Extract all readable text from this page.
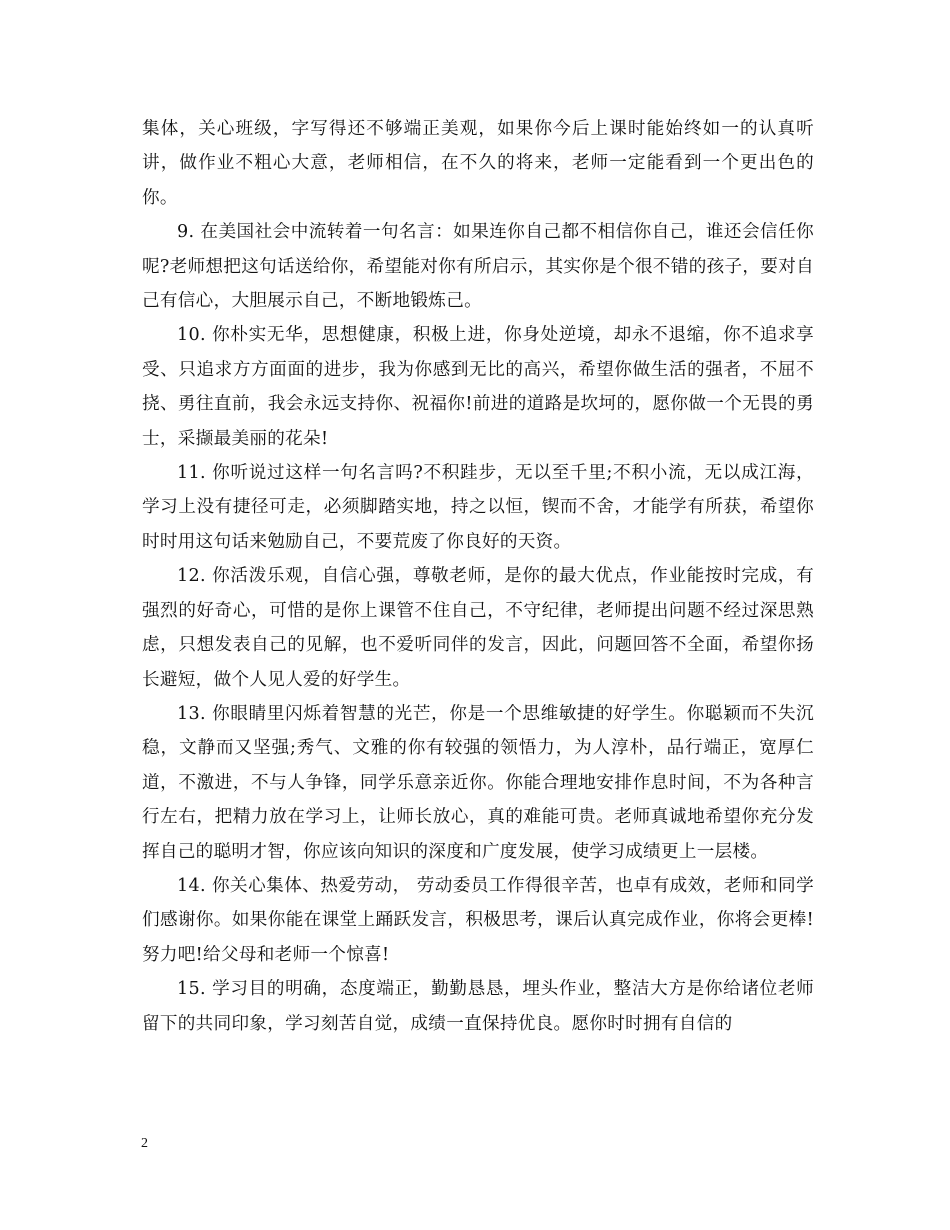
集体，关心班级，字写得还不够端正美观，如果你今后上课时能始终如一的认真听讲，做作业不粗心大意，老师相信，在不久的将来，老师一定能看到一个更出色的你。

9. 在美国社会中流转着一句名言：如果连你自己都不相信你自己，谁还会信任你呢?老师想把这句话送给你，希望能对你有所启示，其实你是个很不错的孩子，要对自己有信心，大胆展示自己，不断地锻炼己。

10. 你朴实无华，思想健康，积极上进，你身处逆境，却永不退缩，你不追求享受、只追求方方面面的进步，我为你感到无比的高兴，希望你做生活的强者，不屈不挠、勇往直前，我会永远支持你、祝福你!前进的道路是坎坷的，愿你做一个无畏的勇士，采撷最美丽的花朵!

11. 你听说过这样一句名言吗?不积跬步，无以至千里;不积小流，无以成江海，学习上没有捷径可走，必须脚踏实地，持之以恒，锲而不舍，才能学有所获，希望你时时用这句话来勉励自己，不要荒废了你良好的天资。

12. 你活泼乐观，自信心强，尊敬老师，是你的最大优点，作业能按时完成，有强烈的好奇心，可惜的是你上课管不住自己，不守纪律，老师提出问题不经过深思熟虑，只想发表自己的见解，也不爱听同伴的发言，因此，问题回答不全面，希望你扬长避短，做个人见人爱的好学生。

13. 你眼睛里闪烁着智慧的光芒，你是一个思维敏捷的好学生。你聪颖而不失沉稳，文静而又坚强;秀气、文雅的你有较强的领悟力，为人淳朴，品行端正，宽厚仁道，不激进，不与人争锋，同学乐意亲近你。你能合理地安排作息时间，不为各种言行左右，把精力放在学习上，让师长放心，真的难能可贵。老师真诚地希望你充分发挥自己的聪明才智，你应该向知识的深度和广度发展，使学习成绩更上一层楼。

14. 你关心集体、热爱劳动， 劳动委员工作得很辛苦，也卓有成效，老师和同学们感谢你。如果你能在课堂上踊跃发言，积极思考，课后认真完成作业，你将会更棒!努力吧!给父母和老师一个惊喜!

15. 学习目的明确，态度端正，勤勤恳恳，埋头作业，整洁大方是你给诸位老师留下的共同印象，学习刻苦自觉，成绩一直保持优良。愿你时时拥有自信的

2
